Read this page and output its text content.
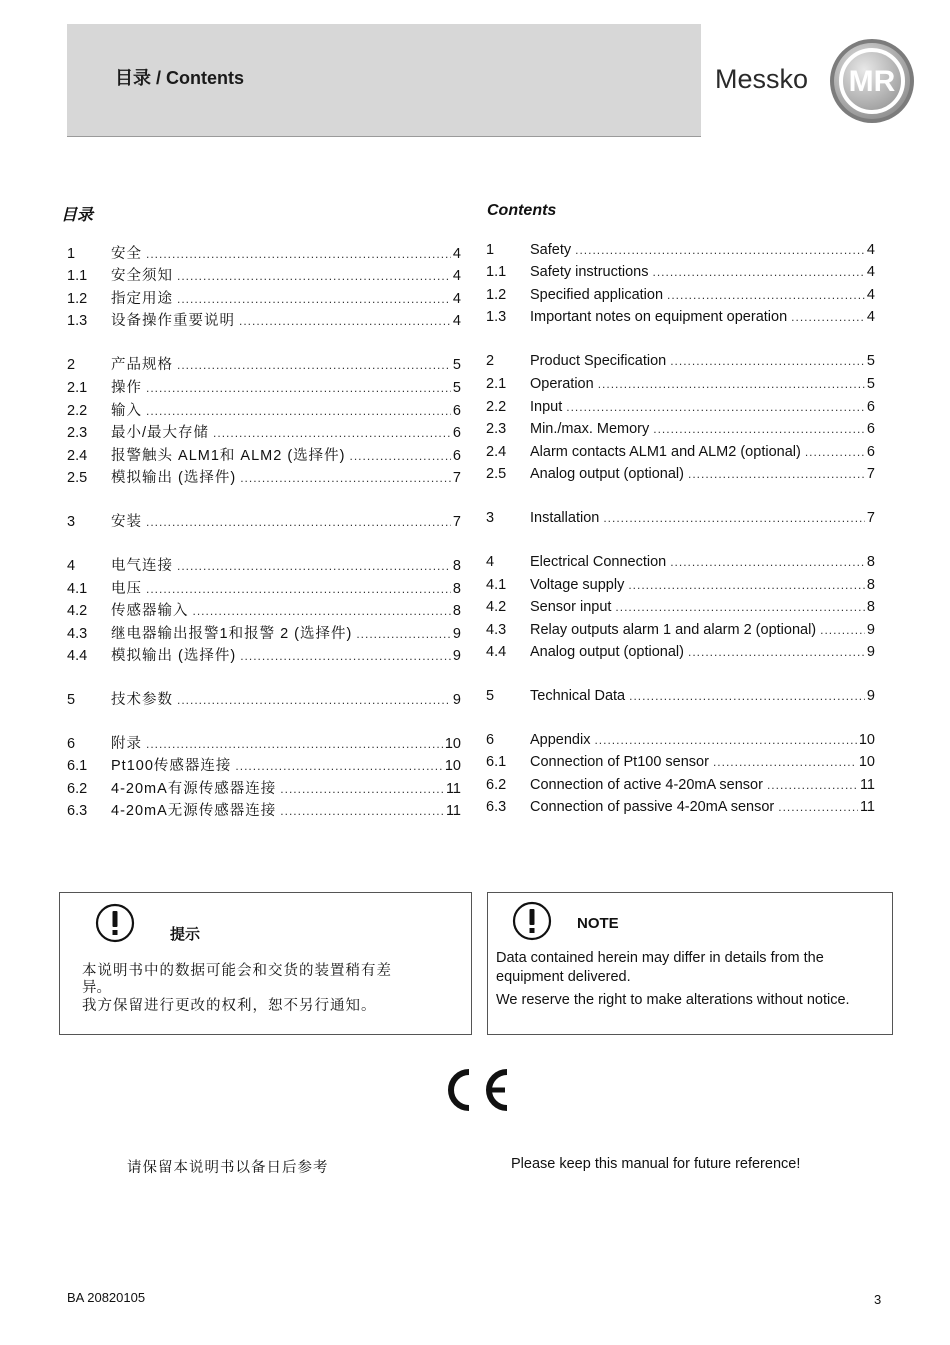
目录 / Contents	Messko MR
目录	Contents
1	安全 .....	4
1.1	安全须知 .....	4
1.2	指定用途 .....	4
1.3	设备操作重要说明 .....	4
2	产品规格 .....	5
2.1	操作 .....	5
2.2	输入 .....	6
2.3	最小/最大存储 .....	6
2.4	报警触头 ALM1和 ALM2 (选择件) .....	6
2.5	模拟输出 (选择件) .....	7
3	安装 .....	7
4	电气连接 .....	8
4.1	电压 .....	8
4.2	传感器输入 .....	8
4.3	继电器输出报警1和报警 2 (选择件) .....	9
4.4	模拟输出 (选择件) .....	9
5	技术参数 .....	9
6	附录 .....	10
6.1	Pt100传感器连接 .....	10
6.2	4-20mA有源传感器连接 .....	11
6.3	4-20mA无源传感器连接 .....	11
1	Safety .....	4
1.1	Safety instructions .....	4
1.2	Specified application .....	4
1.3	Important notes on equipment operation .....	4
2	Product Specification .....	5
2.1	Operation .....	5
2.2	Input .....	6
2.3	Min./max. Memory .....	6
2.4	Alarm contacts ALM1 and ALM2 (optional) .....	6
2.5	Analog output (optional) .....	7
3	Installation .....	7
4	Electrical Connection .....	8
4.1	Voltage supply .....	8
4.2	Sensor input .....	8
4.3	Relay outputs alarm 1 and alarm 2 (optional) .....	9
4.4	Analog output (optional) .....	9
5	Technical Data .....	9
6	Appendix .....	10
6.1	Connection of Pt100 sensor .....	10
6.2	Connection of active 4-20mA sensor .....	11
6.3	Connection of passive 4-20mA sensor .....	11
提示
本说明书中的数据可能会和交货的装置稍有差
异。
我方保留进行更改的权利，恕不另行通知。
NOTE
Data contained herein may differ in details from the
equipment delivered.
We reserve the right to make alterations without notice.
请保留本说明书以备日后参考	Please keep this manual for future reference!
BA 20820105	3
